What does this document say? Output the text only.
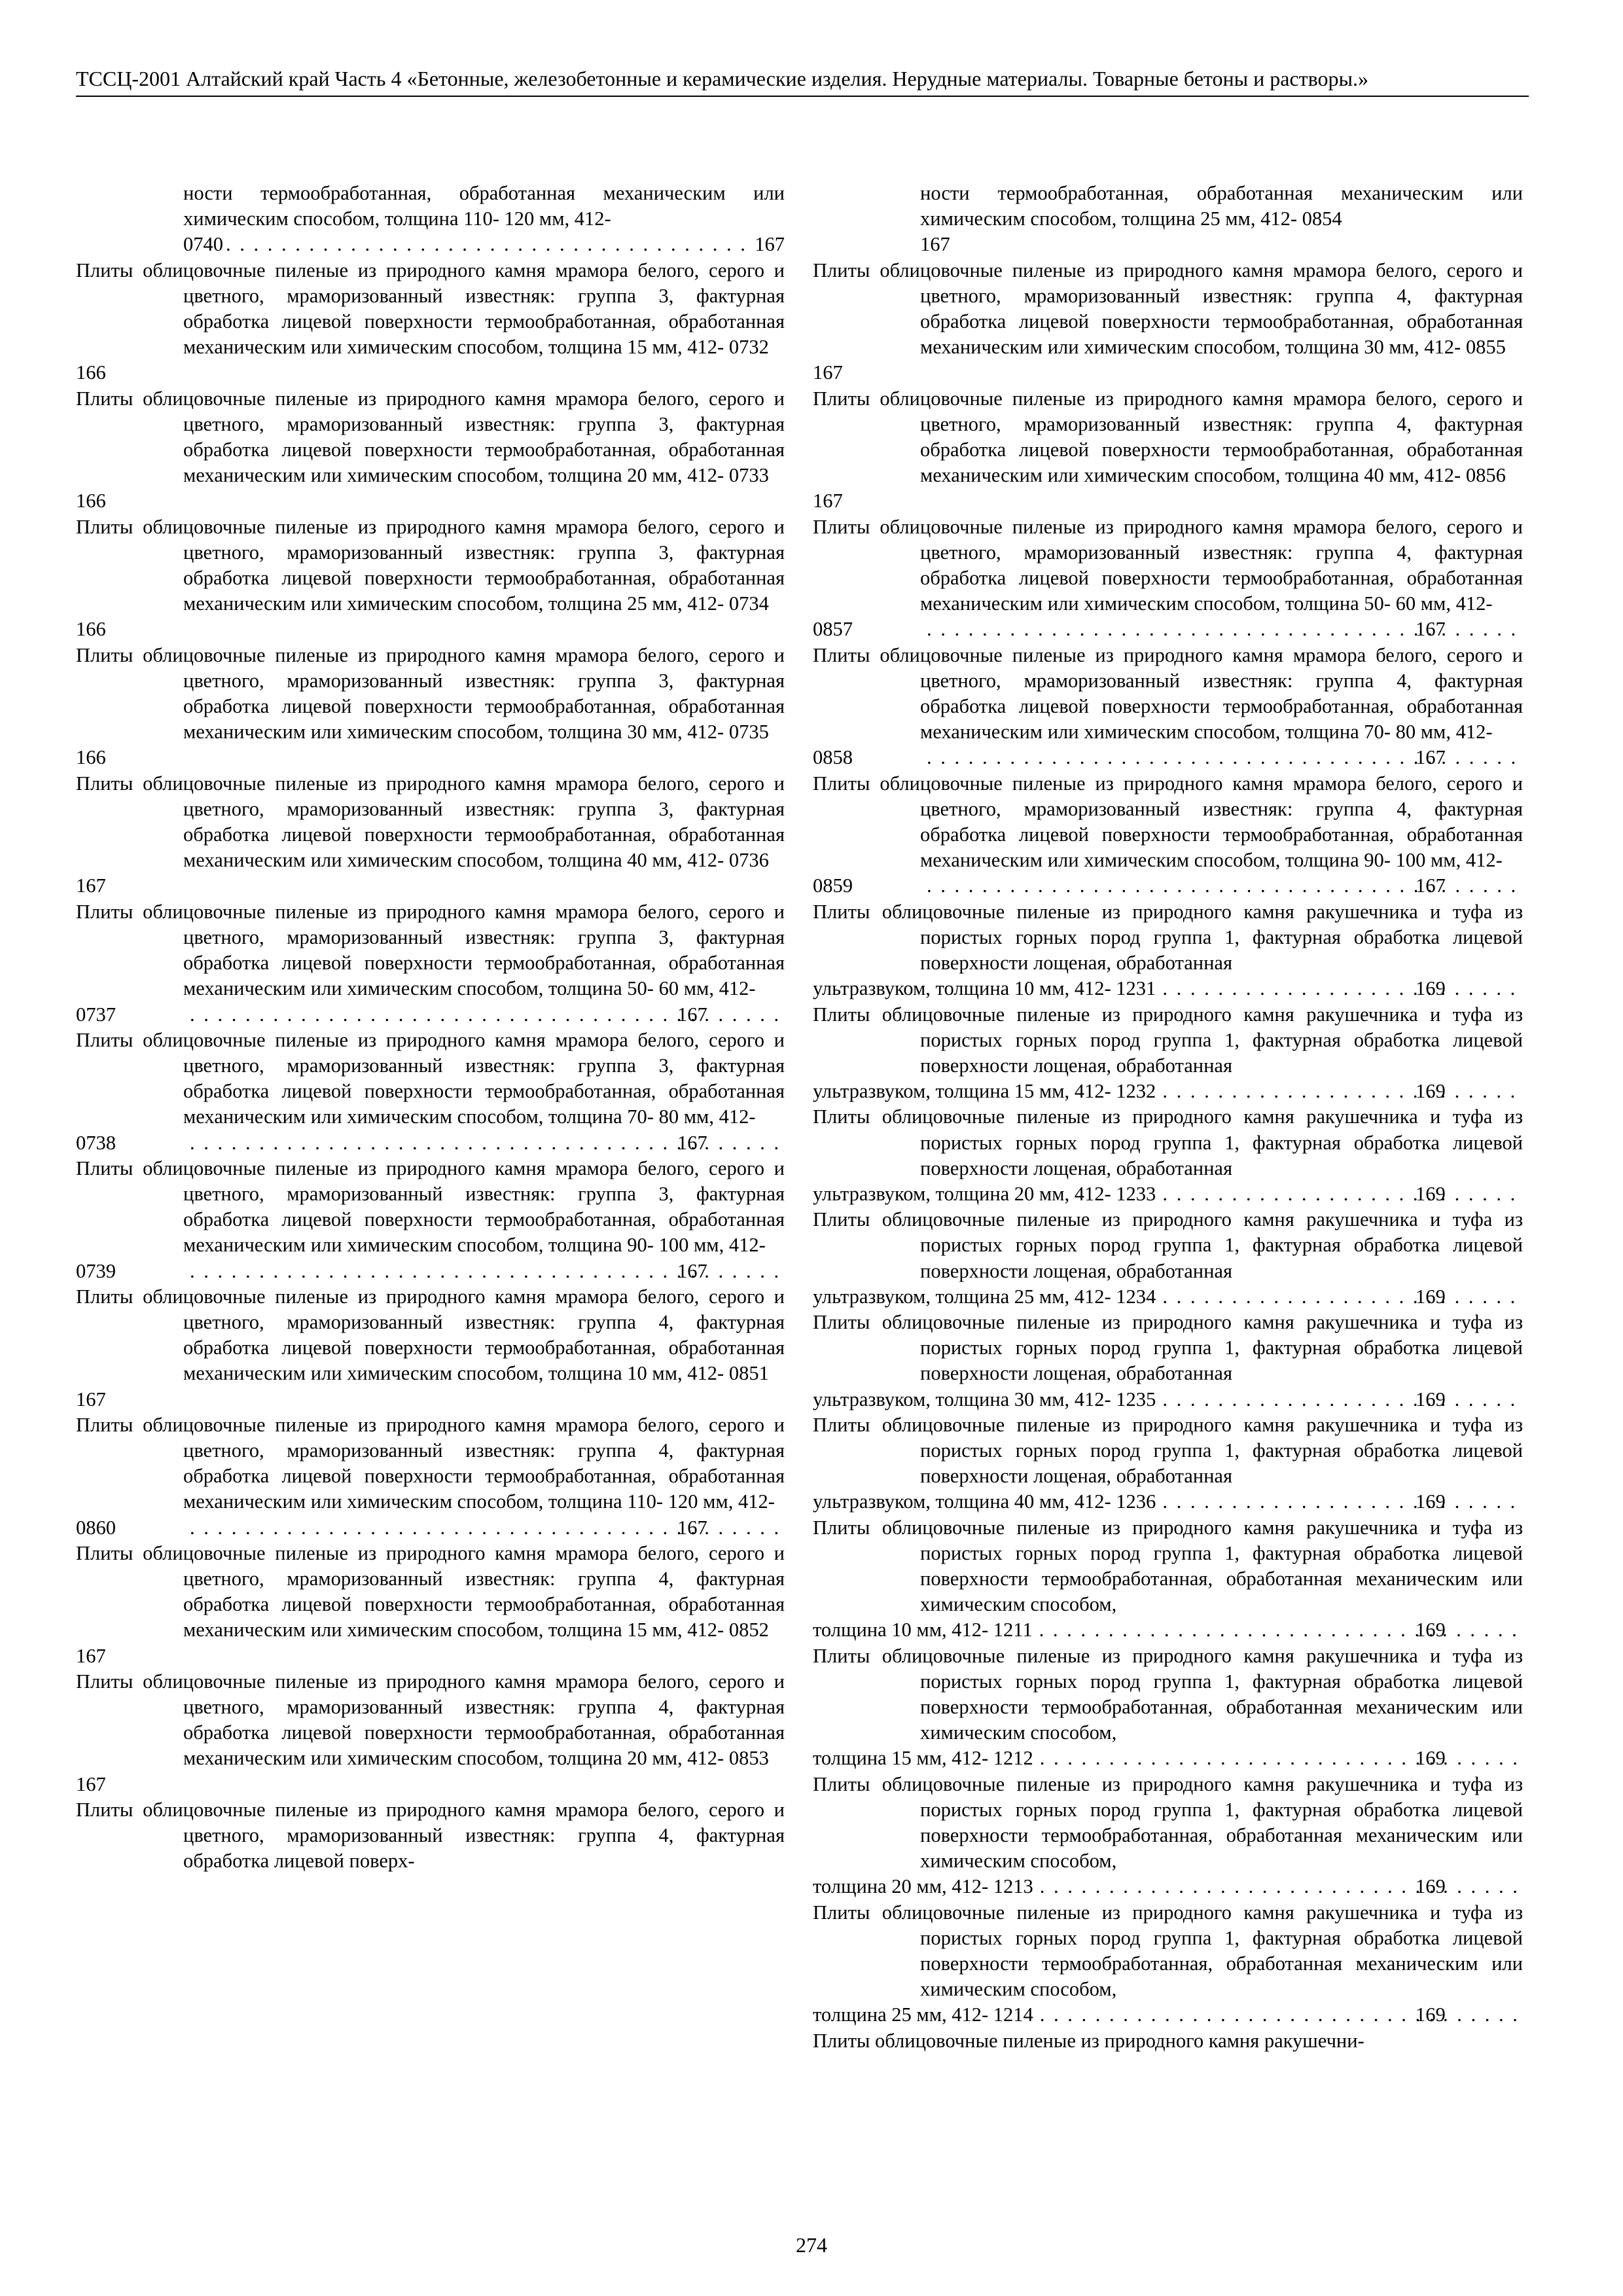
ТССЦ-2001 Алтайский край Часть 4 «Бетонные, железобетонные и керамические изделия. Нерудные материалы. Товарные бетоны и растворы.»
ности термообработанная, обработанная механическим или химическим способом, толщина 110- 120 мм, 412-
0740 . . .	167
Плиты облицовочные пиленые из природного камня мрамора белого, серого и цветного, мраморизованный известняк: группа 3, фактурная обработка лицевой поверхности термообработанная, обработанная механическим или химическим способом, толщина 15 мм, 412- 0732
166
Плиты облицовочные пиленые из природного камня мрамора белого, серого и цветного, мраморизованный известняк: группа 3, фактурная обработка лицевой поверхности термообработанная, обработанная механическим или химическим способом, толщина 20 мм, 412- 0733
166
Плиты облицовочные пиленые из природного камня мрамора белого, серого и цветного, мраморизованный известняк: группа 3, фактурная обработка лицевой поверхности термообработанная, обработанная механическим или химическим способом, толщина 25 мм, 412- 0734
166
Плиты облицовочные пиленые из природного камня мрамора белого, серого и цветного, мраморизованный известняк: группа 3, фактурная обработка лицевой поверхности термообработанная, обработанная механическим или химическим способом, толщина 30 мм, 412- 0735
166
Плиты облицовочные пиленые из природного камня мрамора белого, серого и цветного, мраморизованный известняк: группа 3, фактурная обработка лицевой поверхности термообработанная, обработанная механическим или химическим способом, толщина 40 мм, 412- 0736
167
Плиты облицовочные пиленые из природного камня мрамора белого, серого и цветного, мраморизованный известняк: группа 3, фактурная обработка лицевой поверхности термообработанная, обработанная механическим или химическим способом, толщина 50- 60 мм, 412-
0737 . . .	167
Плиты облицовочные пиленые из природного камня мрамора белого, серого и цветного, мраморизованный известняк: группа 3, фактурная обработка лицевой поверхности термообработанная, обработанная механическим или химическим способом, толщина 70- 80 мм, 412-
0738 . . .	167
Плиты облицовочные пиленые из природного камня мрамора белого, серого и цветного, мраморизованный известняк: группа 3, фактурная обработка лицевой поверхности термообработанная, обработанная механическим или химическим способом, толщина 90- 100 мм, 412-
0739 . . .	167
Плиты облицовочные пиленые из природного камня мрамора белого, серого и цветного, мраморизованный известняк: группа 4, фактурная обработка лицевой поверхности термообработанная, обработанная механическим или химическим способом, толщина 10 мм, 412- 0851
167
Плиты облицовочные пиленые из природного камня мрамора белого, серого и цветного, мраморизованный известняк: группа 4, фактурная обработка лицевой поверхности термообработанная, обработанная механическим или химическим способом, толщина 110- 120 мм, 412-
0860 . . .	167
Плиты облицовочные пиленые из природного камня мрамора белого, серого и цветного, мраморизованный известняк: группа 4, фактурная обработка лицевой поверхности термообработанная, обработанная механическим или химическим способом, толщина 15 мм, 412- 0852
167
Плиты облицовочные пиленые из природного камня мрамора белого, серого и цветного, мраморизованный известняк: группа 4, фактурная обработка лицевой поверхности термообработанная, обработанная механическим или химическим способом, толщина 20 мм, 412- 0853
167
Плиты облицовочные пиленые из природного камня мрамора белого, серого и цветного, мраморизованный известняк: группа 4, фактурная обработка лицевой поверх-
ности термообработанная, обработанная механическим или химическим способом, толщина 25 мм, 412- 0854
167
Плиты облицовочные пиленые из природного камня мрамора белого, серого и цветного, мраморизованный известняк: группа 4, фактурная обработка лицевой поверхности термообработанная, обработанная механическим или химическим способом, толщина 30 мм, 412- 0855
167
Плиты облицовочные пиленые из природного камня мрамора белого, серого и цветного, мраморизованный известняк: группа 4, фактурная обработка лицевой поверхности термообработанная, обработанная механическим или химическим способом, толщина 40 мм, 412- 0856
167
Плиты облицовочные пиленые из природного камня мрамора белого, серого и цветного, мраморизованный известняк: группа 4, фактурная обработка лицевой поверхности термообработанная, обработанная механическим или химическим способом, толщина 50- 60 мм, 412-
0857 . . .	167
Плиты облицовочные пиленые из природного камня мрамора белого, серого и цветного, мраморизованный известняк: группа 4, фактурная обработка лицевой поверхности термообработанная, обработанная механическим или химическим способом, толщина 70- 80 мм, 412-
0858 . . .	167
Плиты облицовочные пиленые из природного камня мрамора белого, серого и цветного, мраморизованный известняк: группа 4, фактурная обработка лицевой поверхности термообработанная, обработанная механическим или химическим способом, толщина 90- 100 мм, 412-
0859 . . .	167
Плиты облицовочные пиленые из природного камня ракушечника и туфа из пористых горных пород группа 1, фактурная обработка лицевой поверхности лощеная, обработанная
ультразвуком, толщина 10 мм, 412- 1231 . . .	169
Плиты облицовочные пиленые из природного камня ракушечника и туфа из пористых горных пород группа 1, фактурная обработка лицевой поверхности лощеная, обработанная
ультразвуком, толщина 15 мм, 412- 1232 . . .	169
Плиты облицовочные пиленые из природного камня ракушечника и туфа из пористых горных пород группа 1, фактурная обработка лицевой поверхности лощеная, обработанная
ультразвуком, толщина 20 мм, 412- 1233 . . .	169
Плиты облицовочные пиленые из природного камня ракушечника и туфа из пористых горных пород группа 1, фактурная обработка лицевой поверхности лощеная, обработанная
ультразвуком, толщина 25 мм, 412- 1234 . . .	169
Плиты облицовочные пиленые из природного камня ракушечника и туфа из пористых горных пород группа 1, фактурная обработка лицевой поверхности лощеная, обработанная
ультразвуком, толщина 30 мм, 412- 1235 . . .	169
Плиты облицовочные пиленые из природного камня ракушечника и туфа из пористых горных пород группа 1, фактурная обработка лицевой поверхности лощеная, обработанная
ультразвуком, толщина 40 мм, 412- 1236 . . .	169
Плиты облицовочные пиленые из природного камня ракушечника и туфа из пористых горных пород группа 1, фактурная обработка лицевой поверхности термообработанная, обработанная механическим или химическим способом,
толщина 10 мм, 412- 1211 . . .	169
Плиты облицовочные пиленые из природного камня ракушечника и туфа из пористых горных пород группа 1, фактурная обработка лицевой поверхности термообработанная, обработанная механическим или химическим способом,
толщина 15 мм, 412- 1212 . . .	169
Плиты облицовочные пиленые из природного камня ракушечника и туфа из пористых горных пород группа 1, фактурная обработка лицевой поверхности термообработанная, обработанная механическим или химическим способом,
толщина 20 мм, 412- 1213 . . .	169
Плиты облицовочные пиленые из природного камня ракушечника и туфа из пористых горных пород группа 1, фактурная обработка лицевой поверхности термообработанная, обработанная механическим или химическим способом,
толщина 25 мм, 412- 1214 . . .	169
Плиты облицовочные пиленые из природного камня ракушечни-
274
